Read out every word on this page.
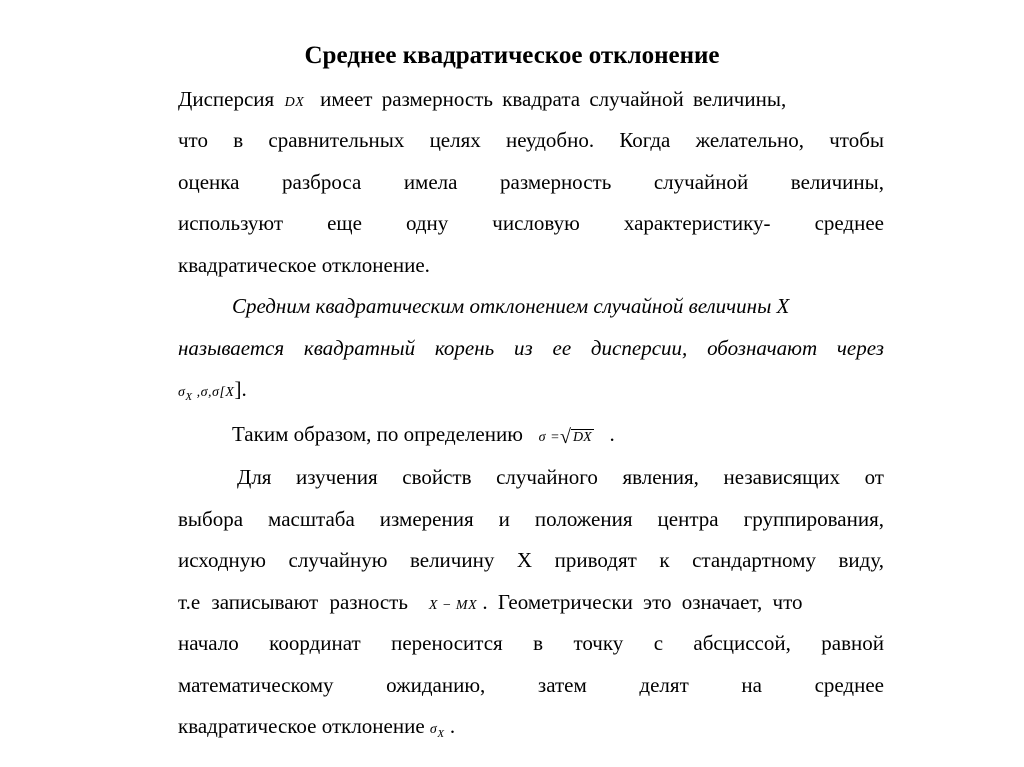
Среднее квадратическое отклонение
Дисперсия DX имеет размерность квадрата случайной величины,
что в сравнительных целях неудобно. Когда желательно, чтобы
оценка разброса имела размерность случайной величины,
используют еще одну числовую характеристику- среднее
квадратическое отклонение.
Средним квадратическим отклонением случайной величины X
называется квадратный корень из ее дисперсии, обозначают через
$\sigma_X$ ,σ,σ[X].
Таким образом, по определению σ =√ DX .
Для изучения свойств случайного явления, независящих от
выбора масштаба измерения и положения центра группирования,
исходную случайную величину X приводят к стандартному виду,
т.е записывают разность X − MX . Геометрически это означает, что
начало координат переносится в точку с абсциссой, равной
математическому ожиданию, затем делят на среднее
квадратическое отклонение $\sigma_X$ .
